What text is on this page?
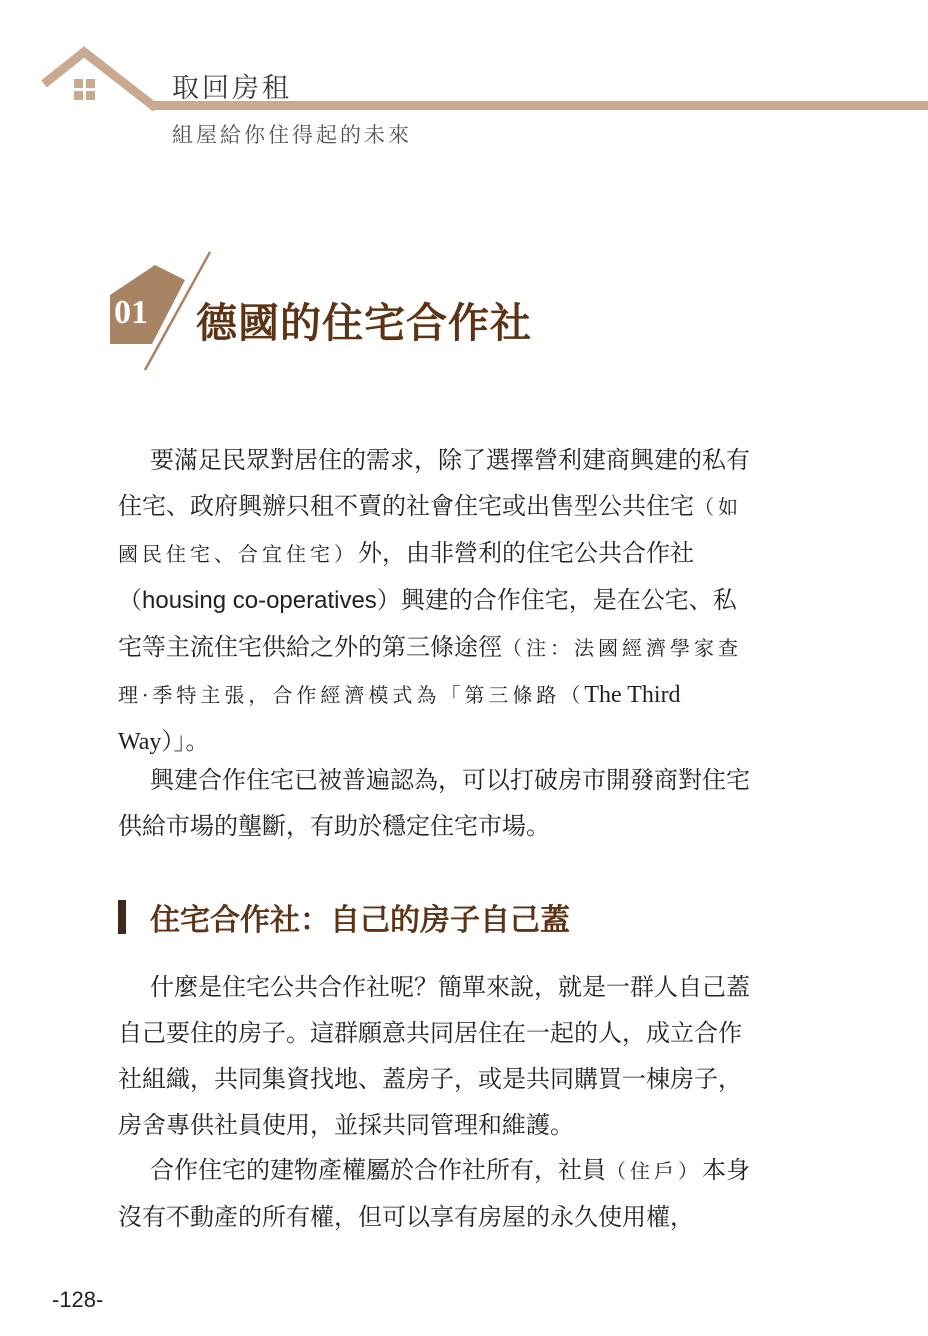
取回房租
組屋給你住得起的未來
01	德國的住宅合作社

要滿足民眾對居住的需求，除了選擇營利建商興建的私有住宅、政府興辦只租不賣的社會住宅或出售型公共住宅（如國民住宅、合宜住宅）外，由非營利的住宅公共合作社（housing co-operatives）興建的合作住宅，是在公宅、私宅等主流住宅供給之外的第三條途徑（注：法國經濟學家查理·季特主張，合作經濟模式為「第三條路（The Third Way）」。

興建合作住宅已被普遍認為，可以打破房市開發商對住宅供給市場的壟斷，有助於穩定住宅市場。

住宅合作社：自己的房子自己蓋

什麼是住宅公共合作社呢？簡單來說，就是一群人自己蓋自己要住的房子。這群願意共同居住在一起的人，成立合作社組織，共同集資找地、蓋房子，或是共同購買一棟房子，房舍專供社員使用，並採共同管理和維護。

合作住宅的建物產權屬於合作社所有，社員（住戶）本身沒有不動產的所有權，但可以享有房屋的永久使用權，

-128-
